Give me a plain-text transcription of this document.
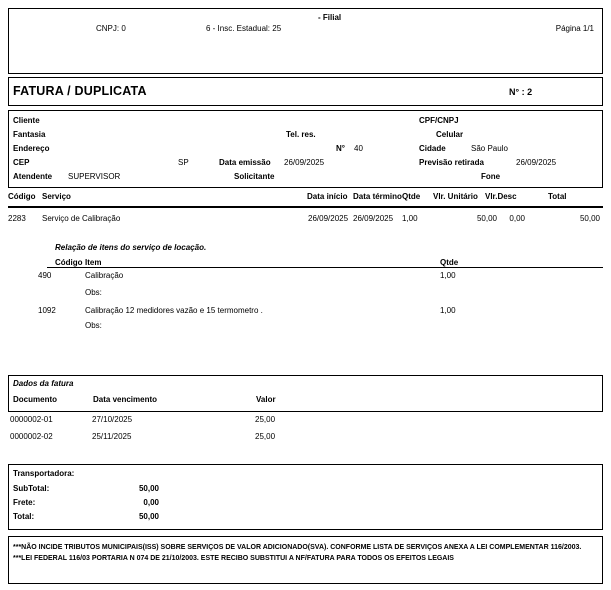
- Filial
CNPJ: 0	6 - Insc. Estadual: 25	Página 1/1
FATURA / DUPLICATA	N° : 2
Cliente	CPF/CNPJ
Fantasia	Tel. res.	Celular
Endereço	N° 40	Cidade	São Paulo
CEP	SP	Data emissão 26/09/2025	Previsão retirada	26/09/2025
Atendente SUPERVISOR	Solicitante	Fone
Código Serviço	Data início Data término Qtde Vlr. Unitário Vlr.Desc	Total
2283 Serviço de Calibração	26/09/2025 26/09/2025 1,00	50,00 0,00	50,00
Relação de itens do serviço de locação.
Código Item	Qtde
490	Calibração	1,00
Obs:
1092	Calibração 12 medidores vazão e 15 termometro .	1,00
Obs:
Dados da fatura
Documento	Data vencimento	Valor
0000002-01	27/10/2025	25,00
0000002-02	25/11/2025	25,00
Transportadora:
SubTotal:	50,00
Frete:	0,00
Total:	50,00
***NÃO INCIDE TRIBUTOS MUNICIPAIS(ISS) SOBRE SERVIÇOS DE VALOR ADICIONADO(SVA). CONFORME LISTA DE SERVIÇOS ANEXA A LEI COMPLEMENTAR 116/2003.
***LEI FEDERAL 116/03 PORTARIA N 074 DE 21/10/2003. ESTE RECIBO SUBSTITUI A NF/FATURA PARA TODOS OS EFEITOS LEGAIS
